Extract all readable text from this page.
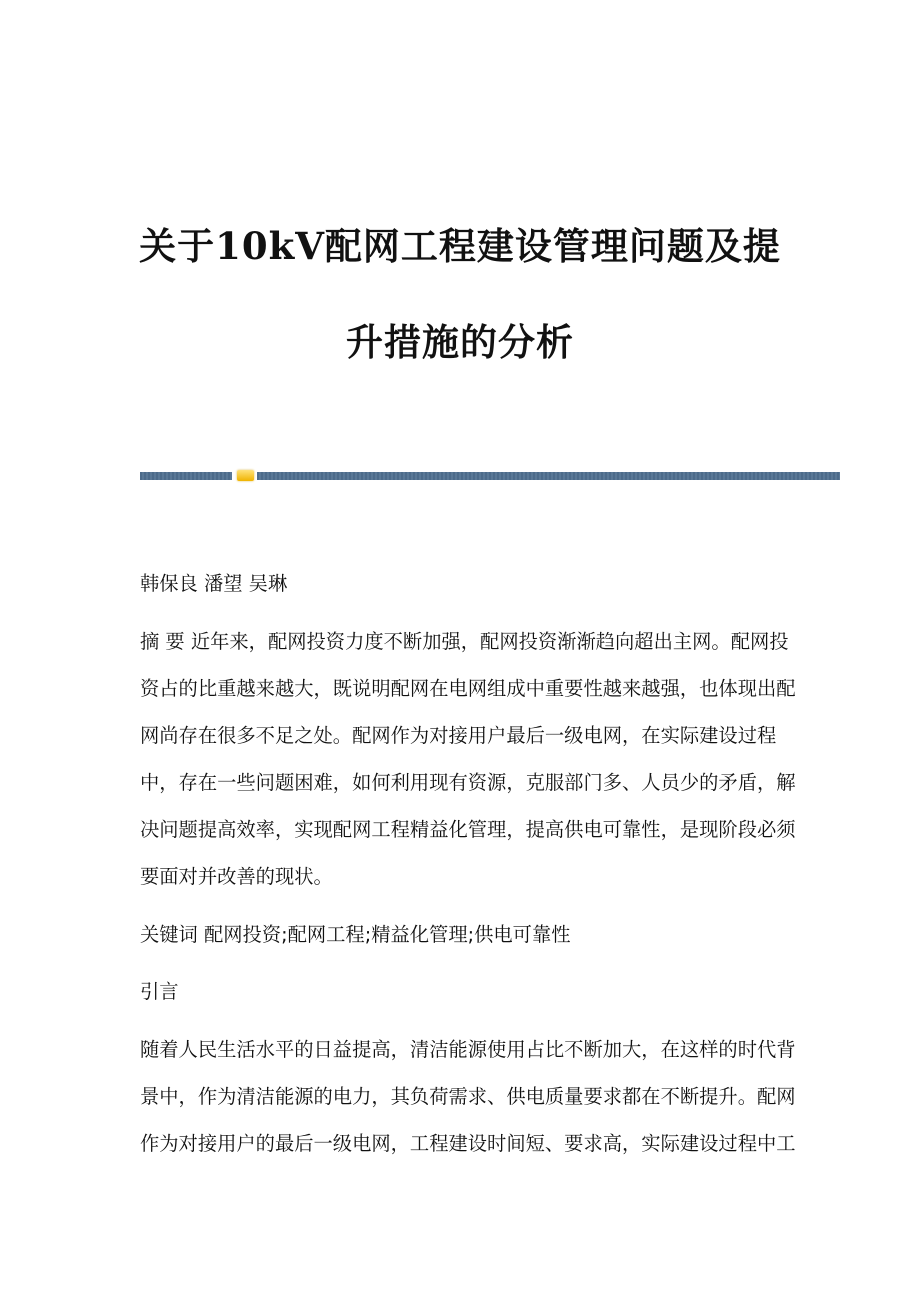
关于10kV配网工程建设管理问题及提
升措施的分析
韩保良 潘望 吴琳
摘 要 近年来，配网投资力度不断加强，配网投资渐渐趋向超出主网。配网投
资占的比重越来越大，既说明配网在电网组成中重要性越来越强，也体现出配
网尚存在很多不足之处。配网作为对接用户最后一级电网，在实际建设过程
中，存在一些问题困难，如何利用现有资源，克服部门多、人员少的矛盾，解
决问题提高效率，实现配网工程精益化管理，提高供电可靠性，是现阶段必须
要面对并改善的现状。
关键词 配网投资;配网工程;精益化管理;供电可靠性
引言
随着人民生活水平的日益提高，清洁能源使用占比不断加大，在这样的时代背
景中，作为清洁能源的电力，其负荷需求、供电质量要求都在不断提升。配网
作为对接用户的最后一级电网，工程建设时间短、要求高，实际建设过程中工
